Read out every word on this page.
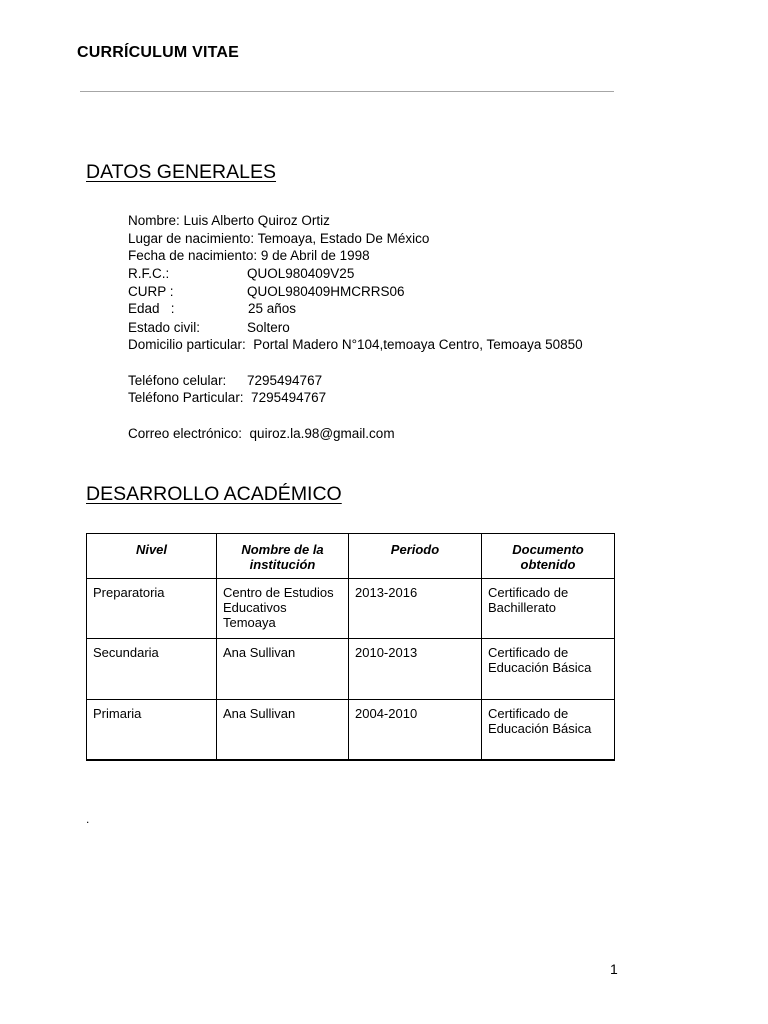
CURRÍCULUM VITAE
DATOS GENERALES
Nombre: Luis Alberto Quiroz Ortiz
Lugar de nacimiento: Temoaya, Estado De México
Fecha de nacimiento: 9 de Abril de 1998
R.F.C.:	QUOL980409V25
CURP :	QUOL980409HMCRRS06
Edad   :	25 años
Estado civil:	Soltero
Domicilio particular:  Portal Madero N°104,temoaya Centro, Temoaya 50850
Teléfono celular: 7295494767
Teléfono Particular:  7295494767
Correo electrónico:  quiroz.la.98@gmail.com
DESARROLLO ACADÉMICO
Nivel	Nombre de la institución	Periodo	Documento obtenido
Preparatoria	Centro de Estudios Educativos Temoaya	2013-2016	Certificado de Bachillerato
Secundaria	Ana Sullivan	2010-2013	Certificado de Educación Básica
Primaria	Ana Sullivan	2004-2010	Certificado de Educación Básica
.
1
